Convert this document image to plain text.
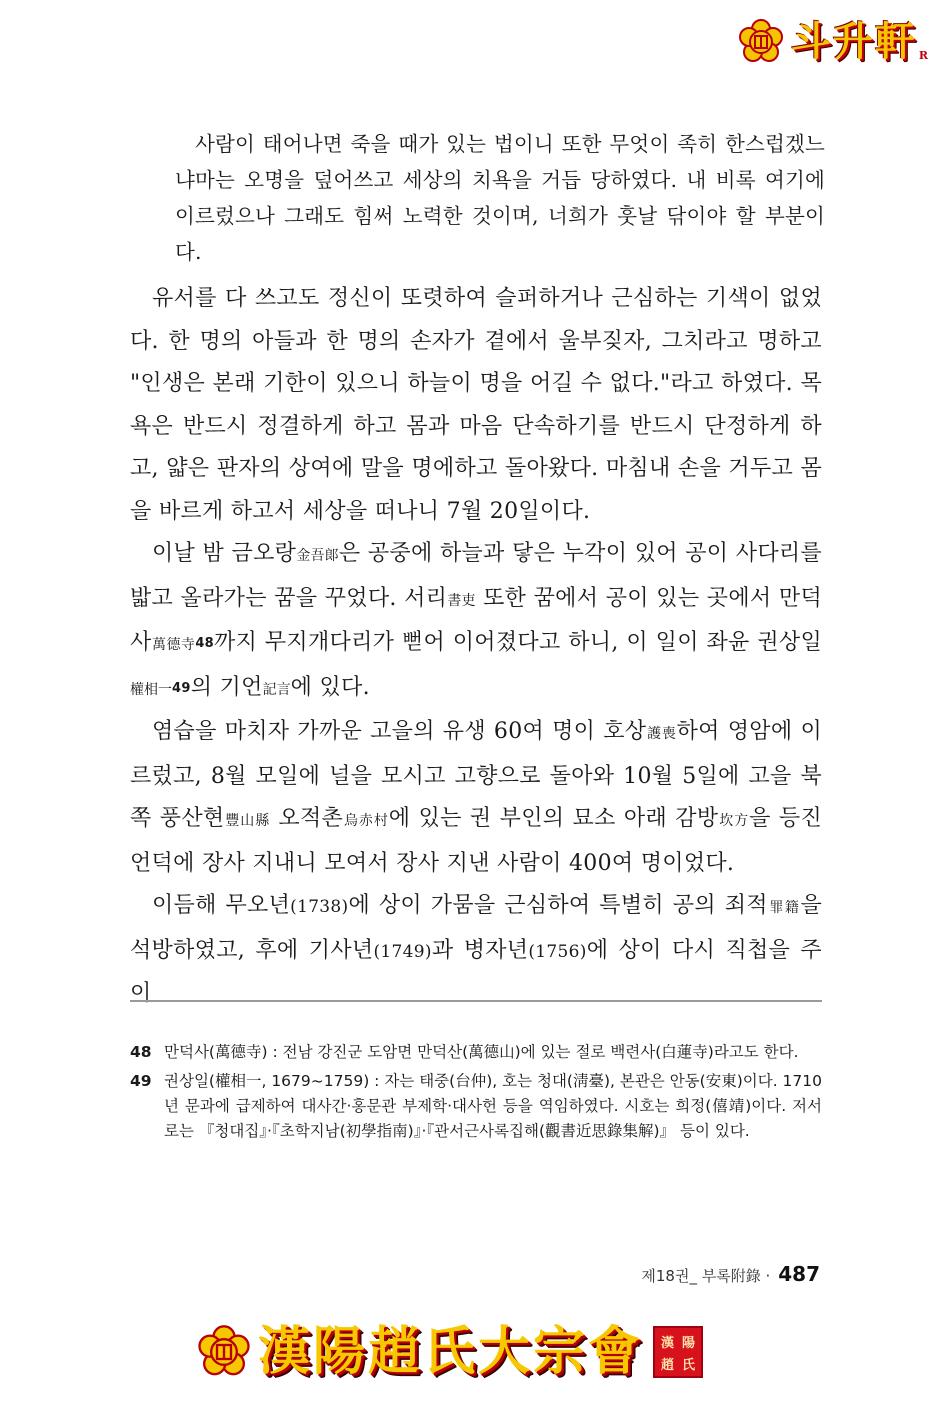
斗升軒 R

사람이 태어나면 죽을 때가 있는 법이니 또한 무엇이 족히 한스럽겠느냐마는 오명을 덮어쓰고 세상의 치욕을 거듭 당하였다. 내 비록 여기에 이르렀으나 그래도 힘써 노력한 것이며, 너희가 훗날 닦이야 할 부분이다.

유서를 다 쓰고도 정신이 또렷하여 슬퍼하거나 근심하는 기색이 없었다. 한 명의 아들과 한 명의 손자가 곁에서 울부짖자, 그치라고 명하고 "인생은 본래 기한이 있으니 하늘이 명을 어길 수 없다."라고 하였다. 목욕은 반드시 정결하게 하고 몸과 마음 단속하기를 반드시 단정하게 하고, 얇은 판자의 상여에 말을 명에하고 돌아왔다. 마침내 손을 거두고 몸을 바르게 하고서 세상을 떠나니 7월 20일이다.

이날 밤 금오랑金吾郞은 공중에 하늘과 닿은 누각이 있어 공이 사다리를 밟고 올라가는 꿈을 꾸었다. 서리書吏 또한 꿈에서 공이 있는 곳에서 만덕사萬德寺48까지 무지개다리가 뻗어 이어졌다고 하니, 이 일이 좌윤 권상일權相一49의 기언記言에 있다.

염습을 마치자 가까운 고을의 유생 60여 명이 호상護喪하여 영암에 이르렀고, 8월 모일에 널을 모시고 고향으로 돌아와 10월 5일에 고을 북쪽 풍산현豐山縣 오적촌烏赤村에 있는 권 부인의 묘소 아래 감방坎方을 등진 언덕에 장사 지내니 모여서 장사 지낸 사람이 400여 명이었다.

이듬해 무오년(1738)에 상이 가뭄을 근심하여 특별히 공의 죄적罪籍을 석방하였고, 후에 기사년(1749)과 병자년(1756)에 상이 다시 직첩을 주이

48 만덕사(萬德寺) : 전남 강진군 도암면 만덕산(萬德山)에 있는 절로 백련사(白蓮寺)라고도 한다.
49 권상일(權相一, 1679~1759) : 자는 태중(台仲), 호는 청대(淸臺), 본관은 안동(安東)이다. 1710년 문과에 급제하여 대사간·홍문관 부제학·대사헌 등을 역임하였다. 시호는 희정(僖靖)이다. 저서로는 『청대집』·『초학지남(初學指南)』·『관서근사록집해(觀書近思錄集解)』 등이 있다.
제18권_ 부록附錄 · 487
漢陽趙氏大宗會 漢 陽
趙 氏
